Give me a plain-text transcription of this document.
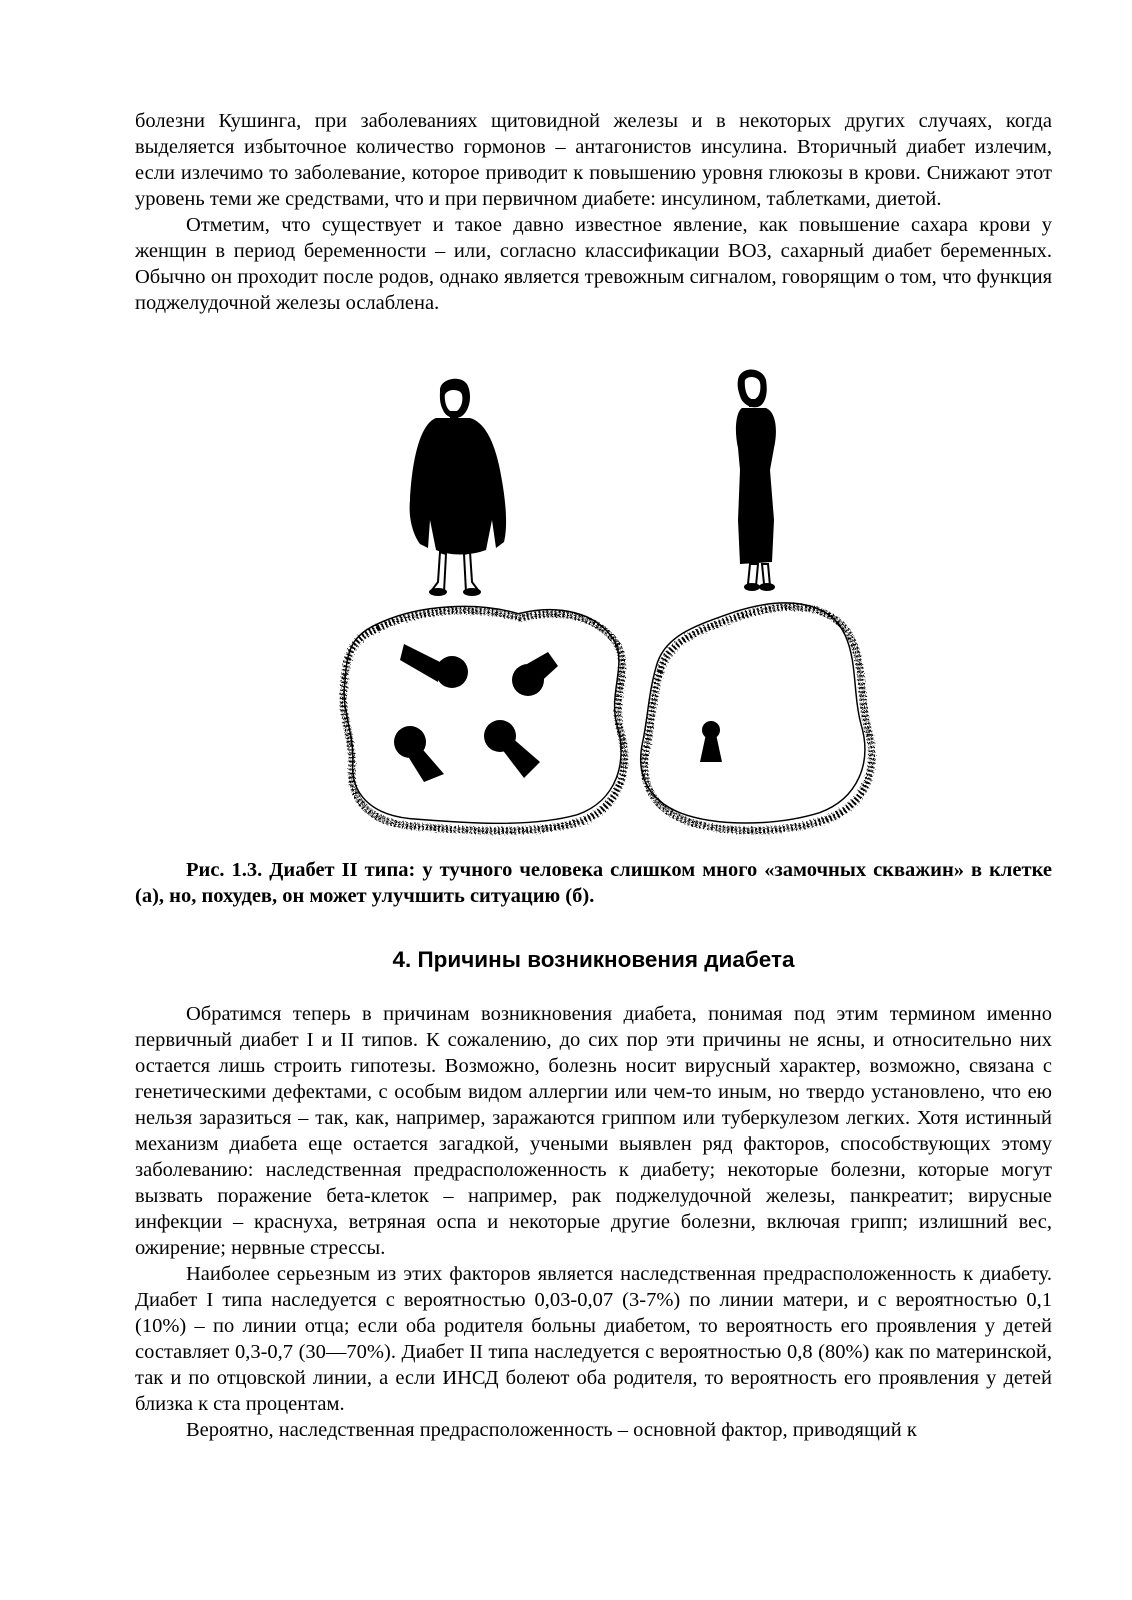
болезни Кушинга, при заболеваниях щитовидной железы и в некоторых других случаях, когда выделяется избыточное количество гормонов – антагонистов инсулина. Вторичный диабет излечим, если излечимо то заболевание, которое приводит к повышению уровня глюкозы в крови. Снижают этот уровень теми же средствами, что и при первичном диабете: инсулином, таблетками, диетой.

Отметим, что существует и такое давно известное явление, как повышение сахара крови у женщин в период беременности – или, согласно классификации ВОЗ, сахарный диабет беременных. Обычно он проходит после родов, однако является тревожным сигналом, говорящим о том, что функция поджелудочной железы ослаблена.

Рис. 1.3. Диабет II типа: у тучного человека слишком много «замочных скважин» в клетке (а), но, похудев, он может улучшить ситуацию (б).

4. Причины возникновения диабета

Обратимся теперь в причинам возникновения диабета, понимая под этим термином именно первичный диабет I и II типов. К сожалению, до сих пор эти причины не ясны, и относительно них остается лишь строить гипотезы. Возможно, болезнь носит вирусный характер, возможно, связана с генетическими дефектами, с особым видом аллергии или чем-то иным, но твердо установлено, что ею нельзя заразиться – так, как, например, заражаются гриппом или туберкулезом легких. Хотя истинный механизм диабета еще остается загадкой, учеными выявлен ряд факторов, способствующих этому заболеванию: наследственная предрасположенность к диабету; некоторые болезни, которые могут вызвать поражение бета-клеток – например, рак поджелудочной железы, панкреатит; вирусные инфекции – краснуха, ветряная оспа и некоторые другие болезни, включая грипп; излишний вес, ожирение; нервные стрессы.

Наиболее серьезным из этих факторов является наследственная предрасположенность к диабету. Диабет I типа наследуется с вероятностью 0,03-0,07 (3-7%) по линии матери, и с вероятностью 0,1 (10%) – по линии отца; если оба родителя больны диабетом, то вероятность его проявления у детей составляет 0,3-0,7 (30—70%). Диабет II типа наследуется с вероятностью 0,8 (80%) как по материнской, так и по отцовской линии, а если ИНСД болеют оба родителя, то вероятность его проявления у детей близка к ста процентам.

Вероятно, наследственная предрасположенность – основной фактор, приводящий к
